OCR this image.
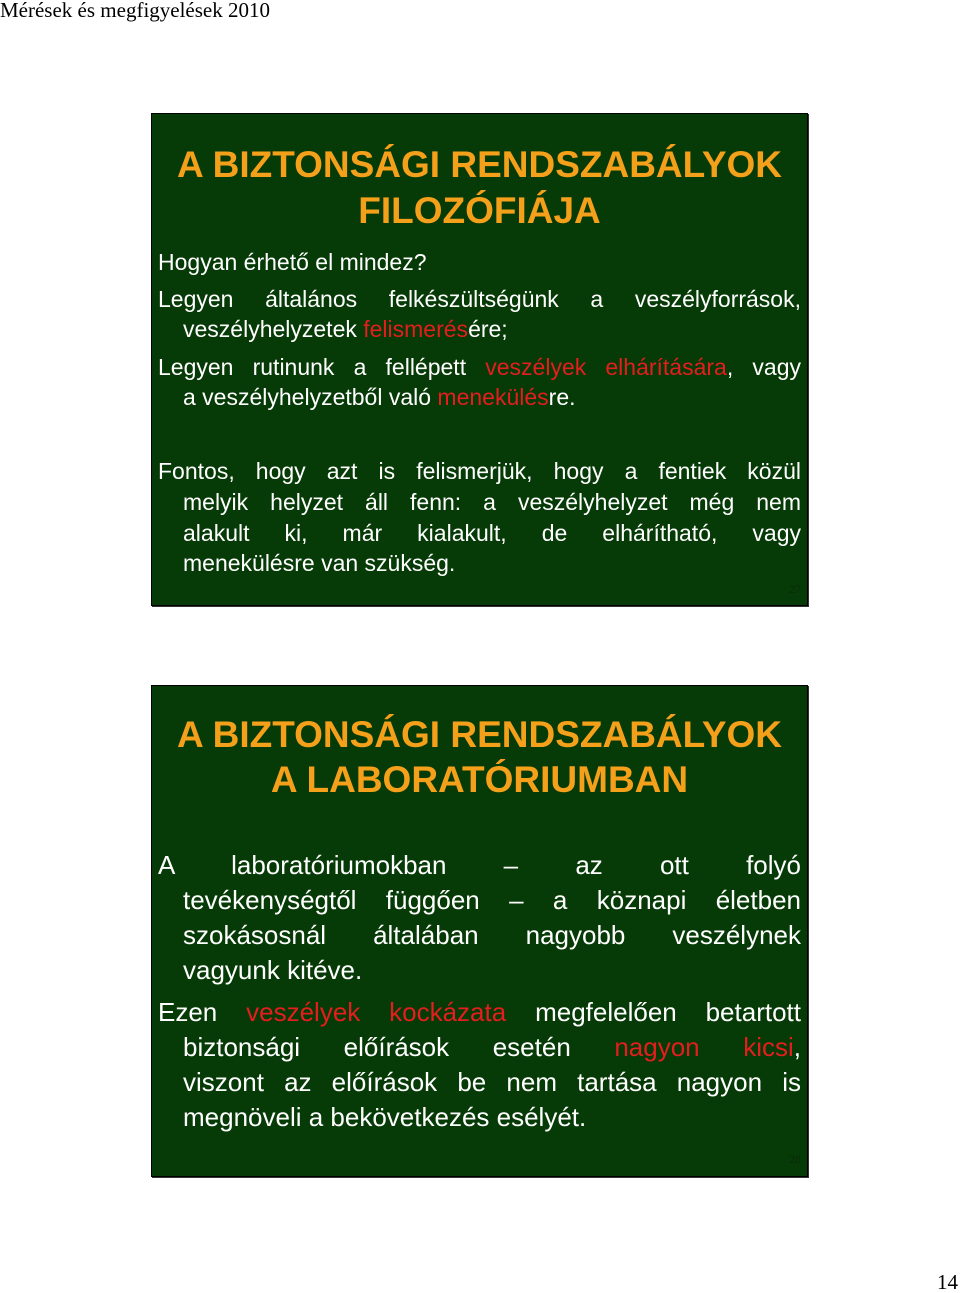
Mérések és megfigyelések 2010
A BIZTONSÁGI RENDSZABÁLYOK
FILOZÓFIÁJA
Hogyan érhető el mindez?
Legyen általános felkészültségünk a veszélyforrások,
veszélyhelyzetek felismerésére;
Legyen rutinunk a fellépett veszélyek elhárítására, vagy
a veszélyhelyzetből való menekülésre.
Fontos, hogy azt is felismerjük, hogy a fentiek közül
melyik helyzet áll fenn: a veszélyhelyzet még nem
alakult ki, már kialakult, de elhárítható, vagy
menekülésre van szükség.
27
A BIZTONSÁGI RENDSZABÁLYOK
A LABORATÓRIUMBAN
A laboratóriumokban – az ott folyó
tevékenységtől függően – a köznapi életben
szokásosnál általában nagyobb veszélynek
vagyunk kitéve.
Ezen veszélyek kockázata megfelelően betartott
biztonsági előírások esetén nagyon kicsi,
viszont az előírások be nem tartása nagyon is
megnöveli a bekövetkezés esélyét.
28
14
